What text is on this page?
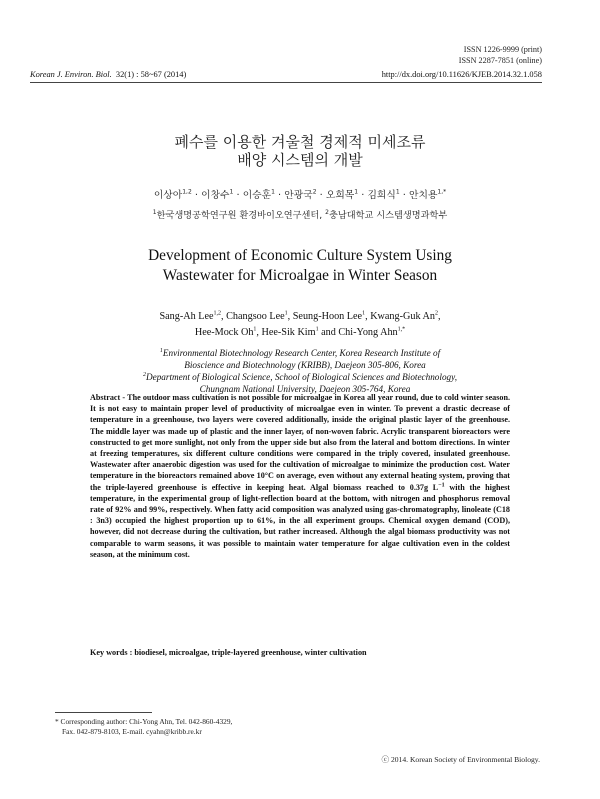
ISSN 1226-9999 (print)
ISSN 2287-7851 (online)
Korean J. Environ. Biol. 32(1) : 58~67 (2014)	http://dx.doi.org/10.11626/KJEB.2014.32.1.058
폐수를 이용한 겨울철 경제적 미세조류
배양 시스템의 개발
이상아$^{1,2}$ · 이창수$^1$ · 이승훈$^1$ · 안광국$^2$ · 오희목$^1$ · 김희식$^1$ · 안치용$^{1,*}$
$^1$한국생명공학연구원 환경바이오연구센터, $^2$충남대학교 시스템생명과학부
Development of Economic Culture System Using
Wastewater for Microalgae in Winter Season
Sang-Ah Lee$^{1,2}$, Changsoo Lee$^1$, Seung-Hoon Lee$^1$, Kwang-Guk An$^2$,
Hee-Mock Oh$^1$, Hee-Sik Kim$^1$ and Chi-Yong Ahn$^{1,*}$

$^1$Environmental Biotechnology Research Center, Korea Research Institute of

Bioscience and Biotechnology (KRIBB), Daejeon 305-806, Korea

$^2$Department of Biological Science, School of Biological Sciences and Biotechnology,

Chungnam National University, Daejeon 305-764, Korea

Abstract - The outdoor mass cultivation is not possible for microalgae in Korea all year round, due to cold winter season. It is not easy to maintain proper level of productivity of microalgae even in winter. To prevent a drastic decrease of temperature in a greenhouse, two layers were covered additionally, inside the original plastic layer of the greenhouse. The middle layer was made up of plastic and the inner layer, of non-woven fabric. Acrylic transparent bioreactors were constructed to get more sunlight, not only from the upper side but also from the lateral and bottom directions. In winter at freezing temperatures, six different culture conditions were compared in the triply covered, insulated greenhouse. Wastewater after anaerobic digestion was used for the cultivation of microalgae to minimize the production cost. Water temperature in the bioreactors remained above 10°C on average, even without any external heating system, proving that the triple-layered greenhouse is effective in keeping heat. Algal biomass reached to 0.37g $L^{-1}$ with the highest temperature, in the experimental group of light-reflection board at the bottom, with nitrogen and phosphorus removal rate of 92% and 99%, respectively. When fatty acid composition was analyzed using gas-chromatography, linoleate (C18 : 3n3) occupied the highest proportion up to 61%, in the all experiment groups. Chemical oxygen demand (COD), however, did not decrease during the cultivation, but rather increased. Although the algal biomass productivity was not comparable to warm seasons, it was possible to maintain water temperature for algae cultivation even in the coldest season, at the minimum cost.

Key words : biodiesel, microalgae, triple-layered greenhouse, winter cultivation
* Corresponding author: Chi-Yong Ahn, Tel. 042-860-4329,
Fax. 042-879-8103, E-mail. cyahn@kribb.re.kr
ⓒ 2014. Korean Society of Environmental Biology.
